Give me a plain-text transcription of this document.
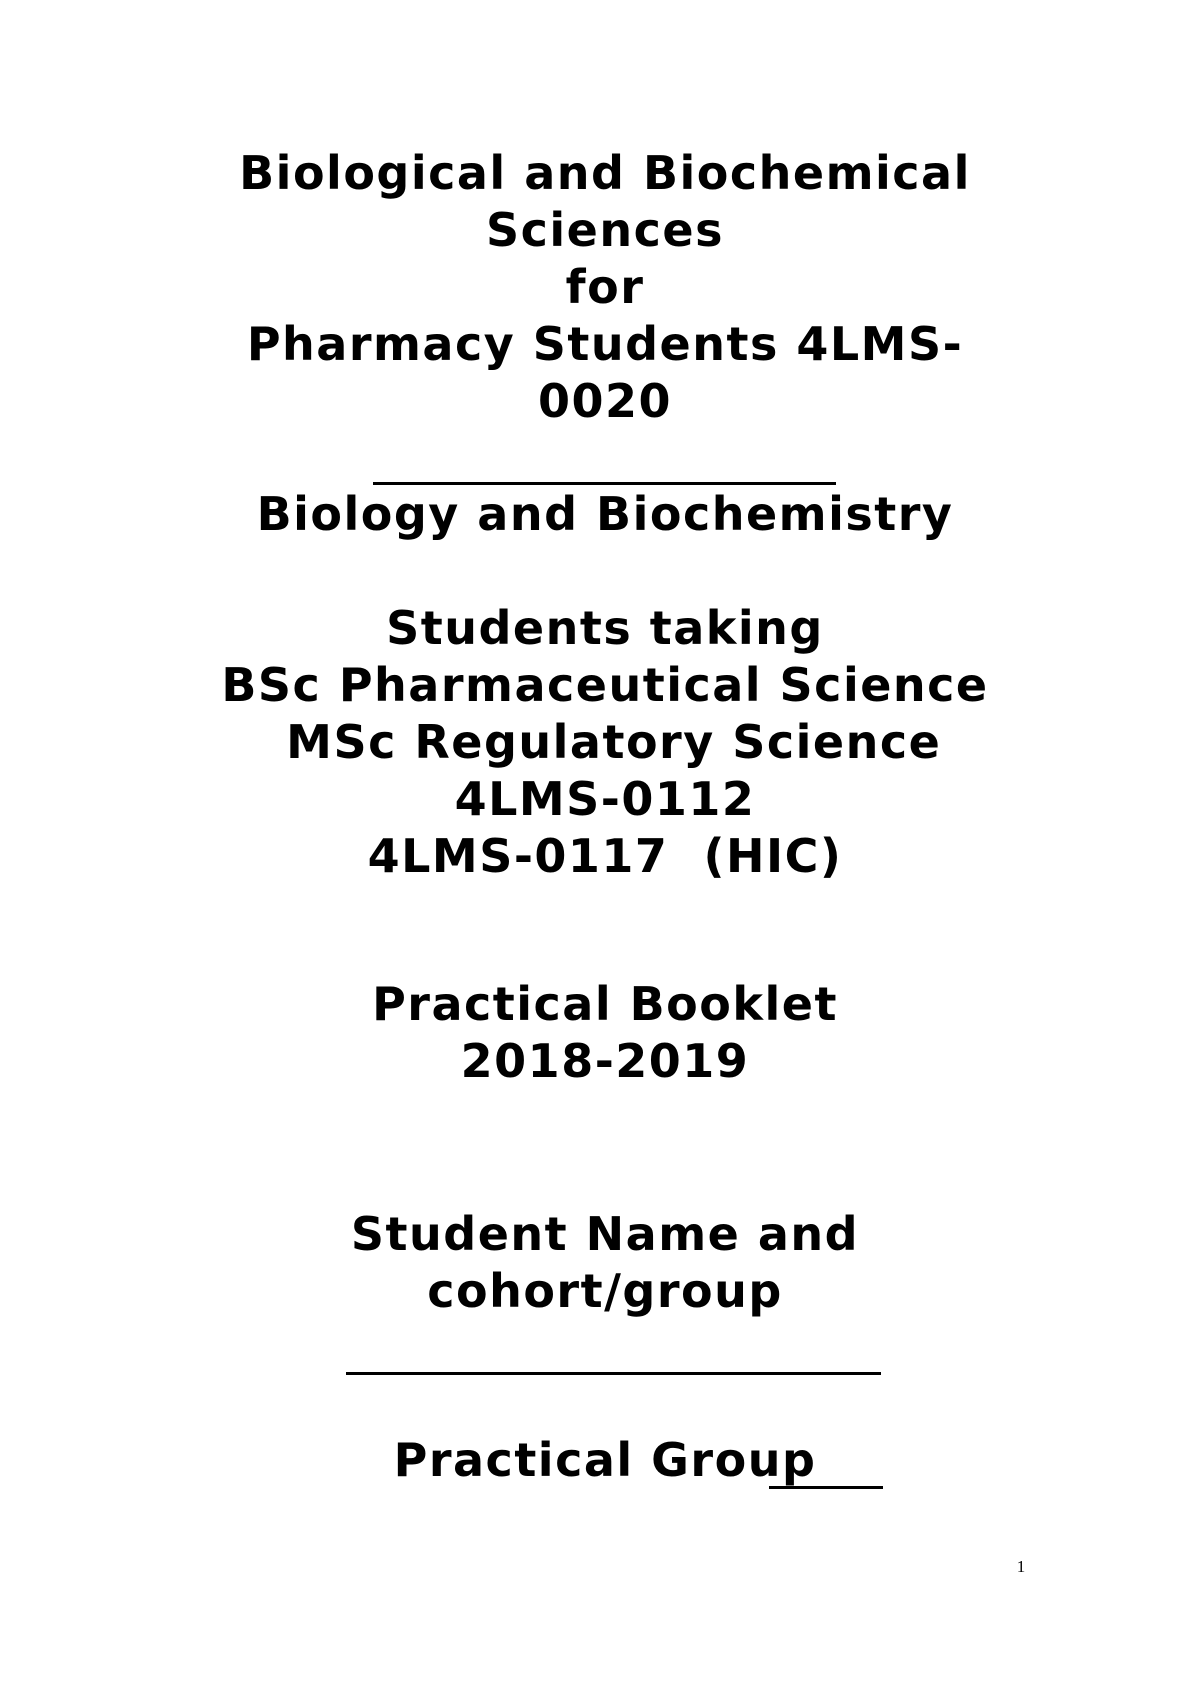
Biological and Biochemical
Sciences
for
Pharmacy Students 4LMS-
0020
Biology and Biochemistry
Students taking
BSc Pharmaceutical Science
MSc Regulatory Science
4LMS-0112
4LMS-0117  (HIC)
Practical Booklet
2018-2019
Student Name and
cohort/group
Practical Group
1
